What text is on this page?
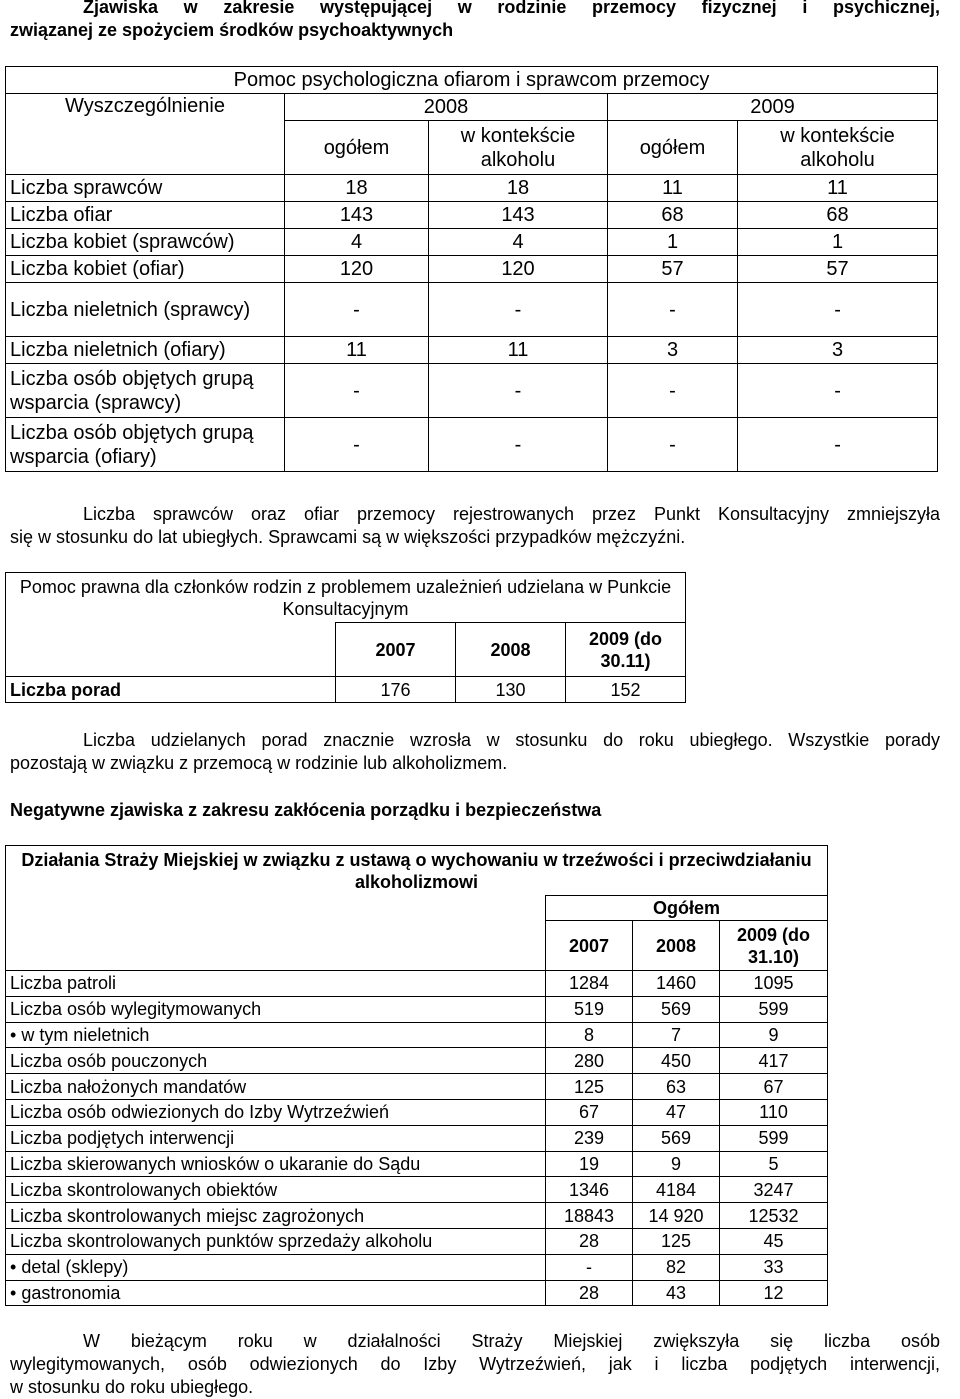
Zjawiska w zakresie występującej w rodzinie przemocy fizycznej i psychicznej,
związanej ze spożyciem środków psychoaktywnych
Pomoc psychologiczna ofiarom i sprawcom przemocy				
Wyszczególnienie	2008		2009	
	ogółem	w kontekście alkoholu	ogółem	w kontekście alkoholu
Liczba sprawców	18	18	11	11
Liczba ofiar	143	143	68	68
Liczba kobiet (sprawców)	4	4	1	1
Liczba kobiet (ofiar)	120	120	57	57
Liczba nieletnich (sprawcy)	-	-	-	-
Liczba nieletnich (ofiary)	11	11	3	3
Liczba osób objętych grupą wsparcia (sprawcy)	-	-	-	-
Liczba osób objętych grupą wsparcia (ofiary)	-	-	-	-
Liczba sprawców oraz ofiar przemocy rejestrowanych przez Punkt Konsultacyjny zmniejszyła
się w stosunku do lat ubiegłych. Sprawcami są w większości przypadków mężczyźni.
Pomoc prawna dla członków rodzin z problemem uzależnień udzielana w Punkcie Konsultacyjnym			
	2007	2008	2009 (do 30.11)
Liczba porad	176	130	152
Liczba udzielanych porad znacznie wzrosła w stosunku do roku ubiegłego. Wszystkie porady
pozostają w związku z przemocą w rodzinie lub alkoholizmem.
Negatywne zjawiska z zakresu zakłócenia porządku i bezpieczeństwa
Działania Straży Miejskiej w związku z ustawą o wychowaniu w trzeźwości i przeciwdziałaniu alkoholizmowi			
	Ogółem		
	2007	2008	2009 (do 31.10)
Liczba patroli	1284	1460	1095
Liczba osób wylegitymowanych	519	569	599
• w tym nieletnich	8	7	9
Liczba osób pouczonych	280	450	417
Liczba nałożonych mandatów	125	63	67
Liczba osób odwiezionych do Izby Wytrzeźwień	67	47	110
Liczba podjętych interwencji	239	569	599
Liczba skierowanych wniosków o ukaranie do Sądu	19	9	5
Liczba skontrolowanych obiektów	1346	4184	3247
Liczba skontrolowanych miejsc zagrożonych	18843	14 920	12532
Liczba skontrolowanych punktów sprzedaży alkoholu	28	125	45
• detal (sklepy)	-	82	33
• gastronomia	28	43	12
W bieżącym roku w działalności Straży Miejskiej zwiększyła się liczba osób
wylegitymowanych, osób odwiezionych do Izby Wytrzeźwień, jak i liczba podjętych interwencji,
w stosunku do roku ubiegłego.
